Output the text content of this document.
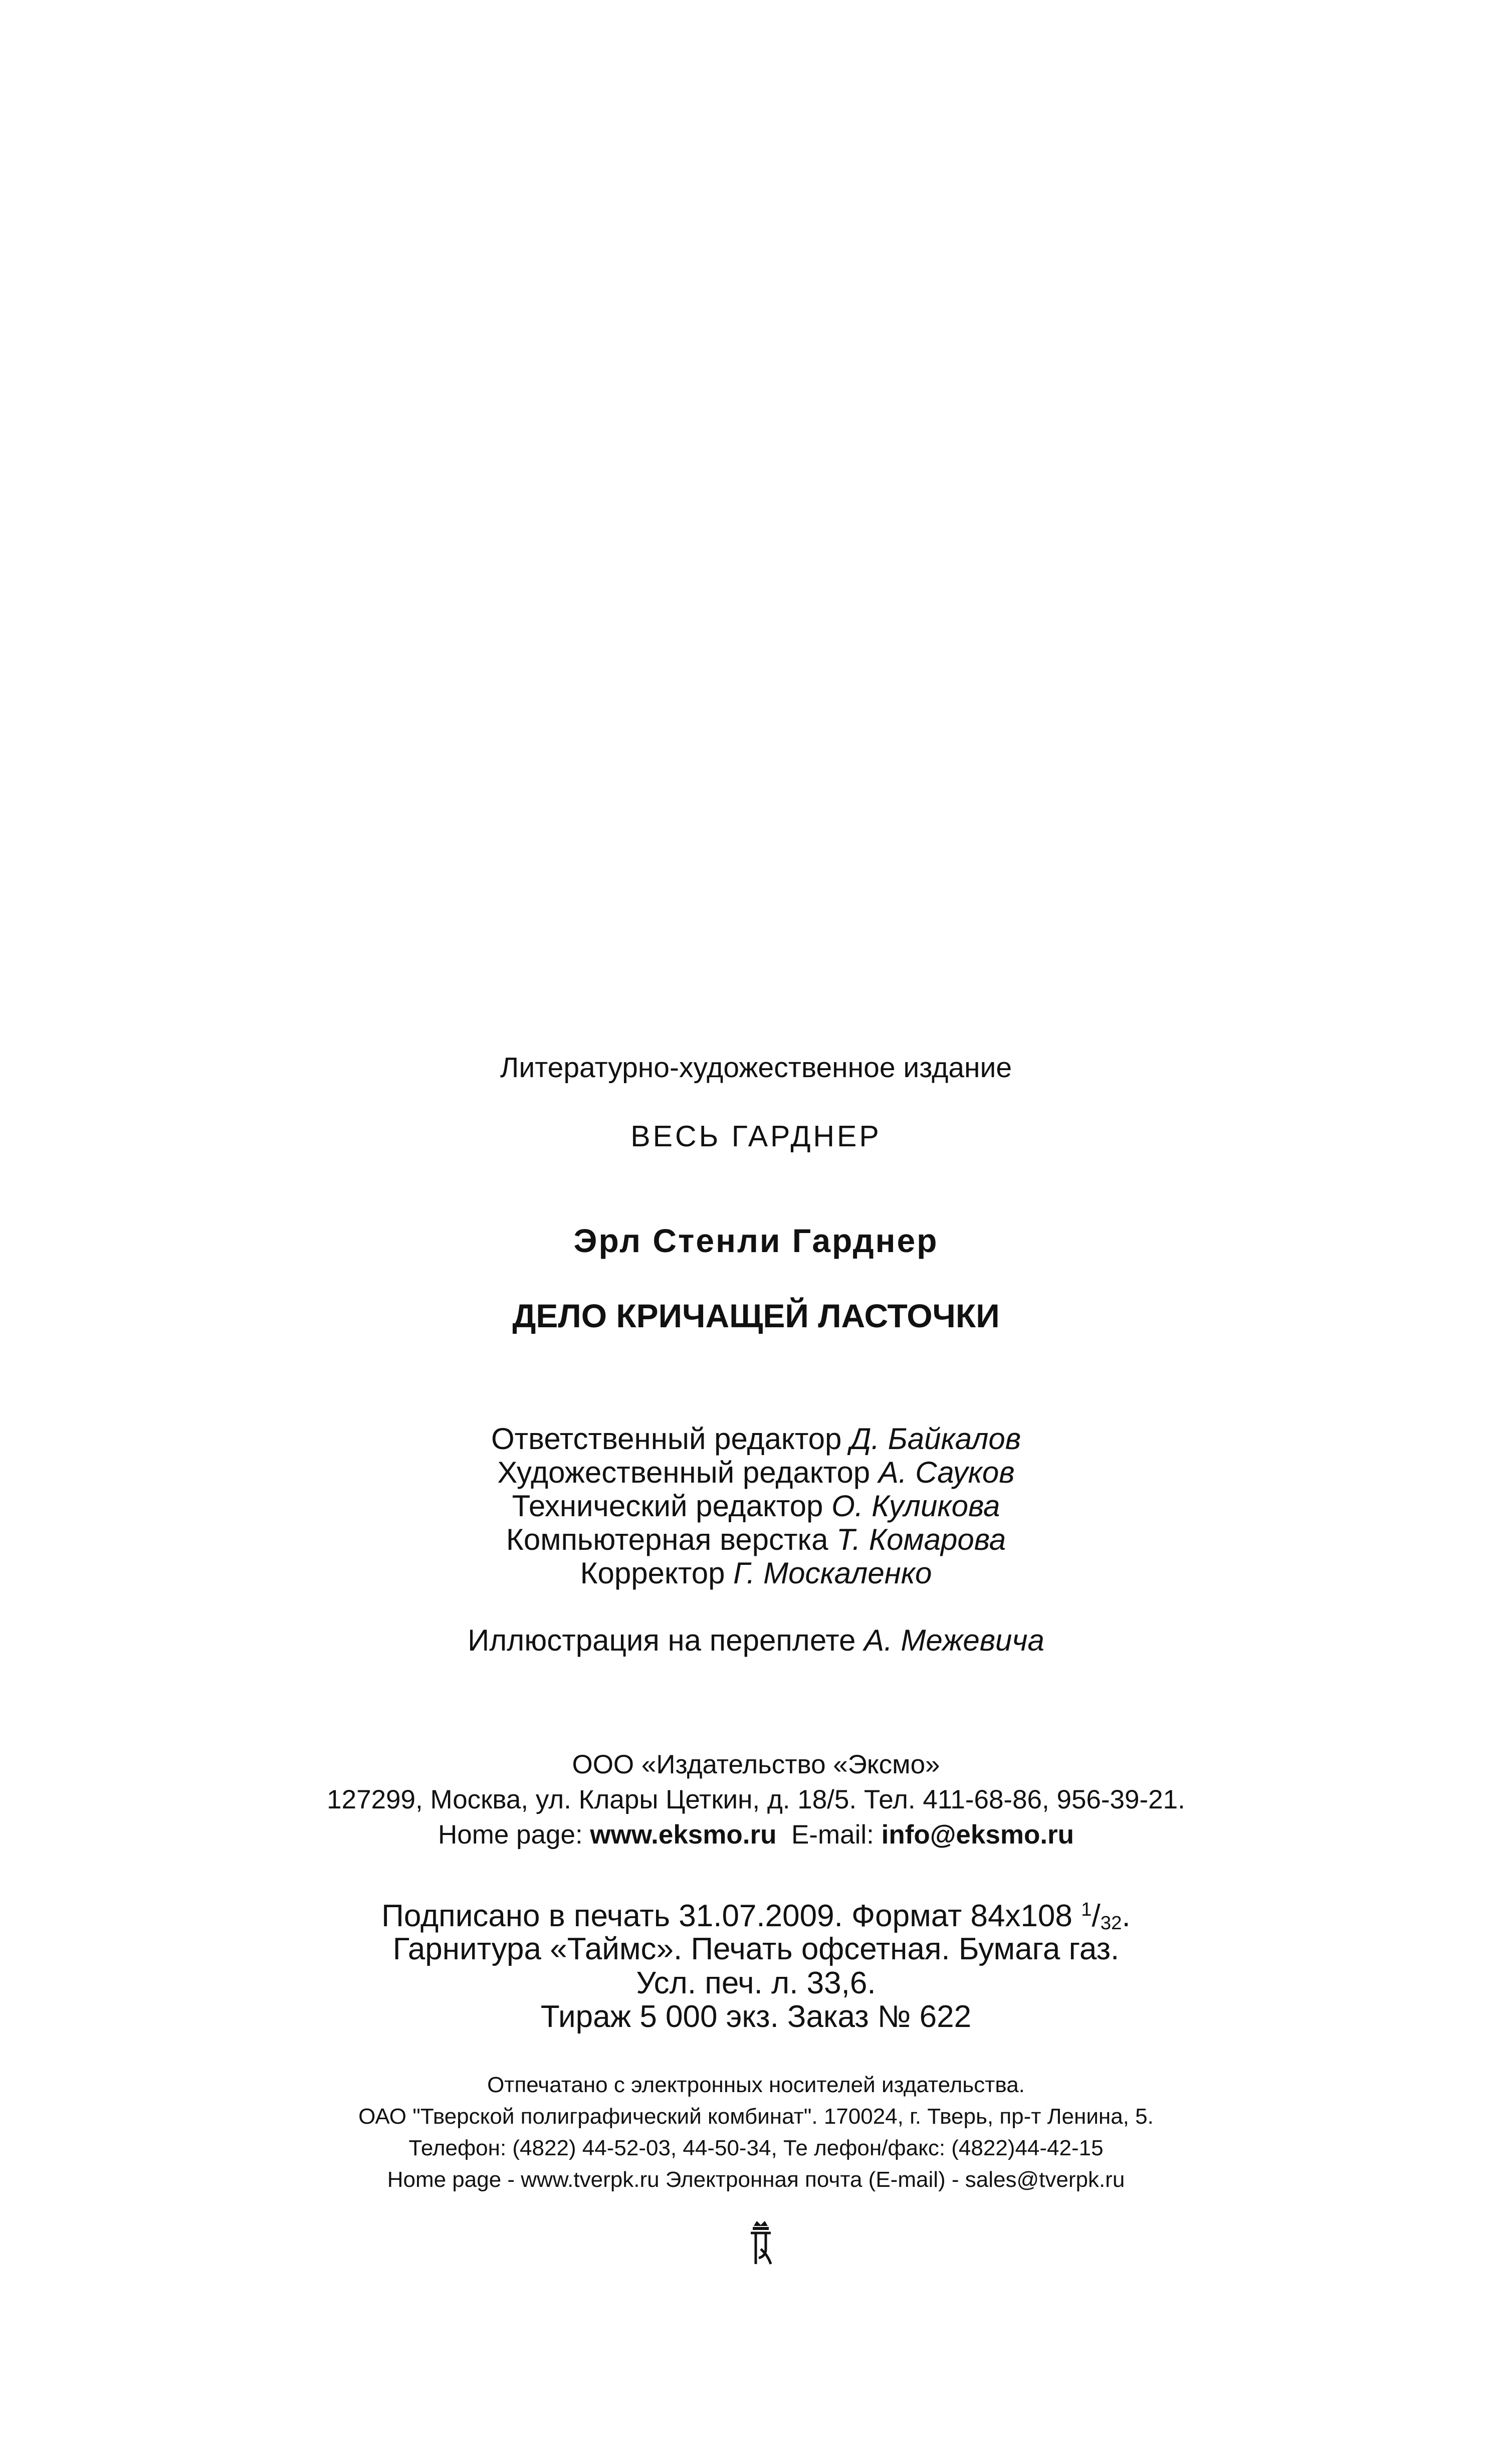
Литературно-художественное издание
ВЕСЬ ГАРДНЕР
Эрл Стенли Гарднер
ДЕЛО КРИЧАЩЕЙ ЛАСТОЧКИ
Ответственный редактор Д. Байкалов
Художественный редактор А. Сауков
Технический редактор О. Куликова
Компьютерная верстка Т. Комарова
Корректор Г. Москаленко
Иллюстрация на переплете А. Межевича
ООО «Издательство «Эксмо»
127299, Москва, ул. Клары Цеткин, д. 18/5. Тел. 411-68-86, 956-39-21.
Home page: www.eksmo.ru E-mail: info@eksmo.ru
Подписано в печать 31.07.2009. Формат 84x108 $^1$/32.
Гарнитура «Таймс». Печать офсетная. Бумага газ.
Усл. печ. л. 33,6.
Тираж 5 000 экз. Заказ № 622
Отпечатано с электронных носителей издательства.
ОАО "Тверской полиграфический комбинат". 170024, г. Тверь, пр-т Ленина, 5.
Телефон: (4822) 44-52-03, 44-50-34, Те лефон/факс: (4822)44-42-15
Home page - www.tverpk.ru Электронная почта (E-mail) - sales@tverpk.ru
